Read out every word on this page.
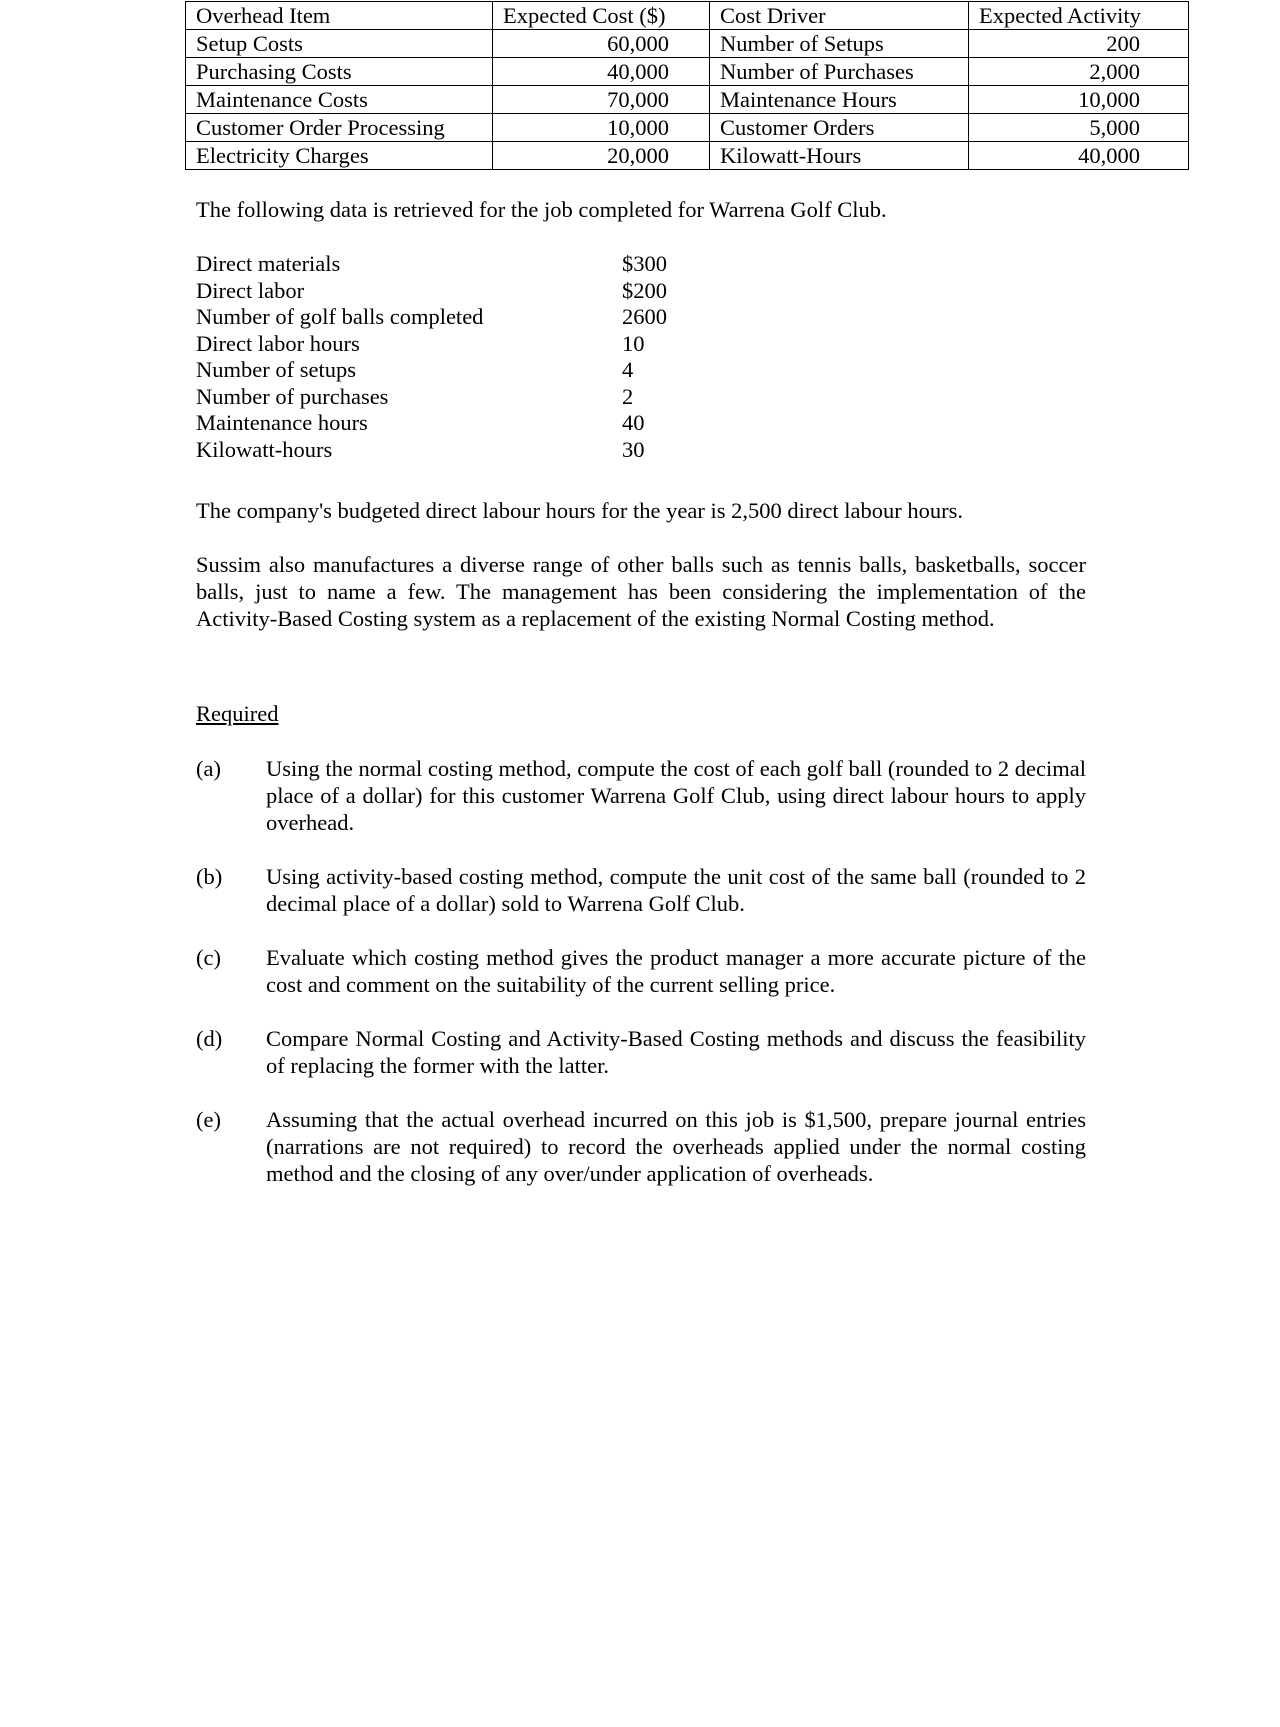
Overhead Item	Expected Cost ($)	Cost Driver	Expected Activity
Setup Costs	60,000	Number of Setups	200
Purchasing Costs	40,000	Number of Purchases	2,000
Maintenance Costs	70,000	Maintenance Hours	10,000
Customer Order Processing	10,000	Customer Orders	5,000
Electricity Charges	20,000	Kilowatt-Hours	40,000

The following data is retrieved for the job completed for Warrena Golf Club.

Direct materials	$300
Direct labor	$200
Number of golf balls completed	2600
Direct labor hours	10
Number of setups	4
Number of purchases	2
Maintenance hours	40
Kilowatt-hours	30

The company's budgeted direct labour hours for the year is 2,500 direct labour hours.

Sussim also manufactures a diverse range of other balls such as tennis balls, basketballs, soccer balls, just to name a few. The management has been considering the implementation of the Activity-Based Costing system as a replacement of the existing Normal Costing method.

Required
(a) Using the normal costing method, compute the cost of each golf ball (rounded to 2 decimal place of a dollar) for this customer Warrena Golf Club, using direct labour hours to apply overhead.
(b) Using activity-based costing method, compute the unit cost of the same ball (rounded to 2 decimal place of a dollar) sold to Warrena Golf Club.
(c) Evaluate which costing method gives the product manager a more accurate picture of the cost and comment on the suitability of the current selling price.
(d) Compare Normal Costing and Activity-Based Costing methods and discuss the feasibility of replacing the former with the latter.
(e) Assuming that the actual overhead incurred on this job is $1,500, prepare journal entries (narrations are not required) to record the overheads applied under the normal costing method and the closing of any over/under application of overheads.
